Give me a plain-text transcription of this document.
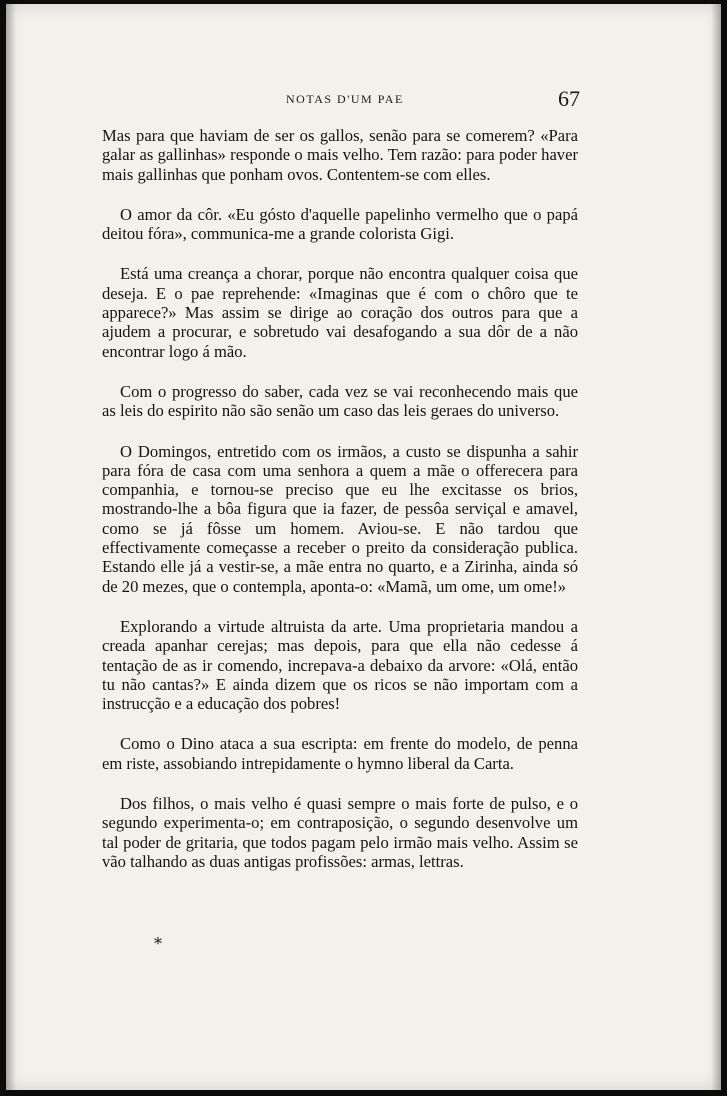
NOTAS D'UM PAE	67

Mas para que haviam de ser os gallos, senão para se comerem? «Para galar as gallinhas» responde o mais velho. Tem razão: para poder haver mais gallinhas que ponham ovos. Contentem-se com elles.

O amor da côr. «Eu gósto d'aquelle papelinho vermelho que o papá deitou fóra», communica-me a grande colorista Gigi.

Está uma creança a chorar, porque não encontra qualquer coisa que deseja. E o pae reprehende: «Imaginas que é com o chôro que te apparece?» Mas assim se dirige ao coração dos outros para que a ajudem a procurar, e sobretudo vai desafogando a sua dôr de a não encontrar logo á mão.

Com o progresso do saber, cada vez se vai reconhecendo mais que as leis do espirito não são senão um caso das leis geraes do universo.

O Domingos, entretido com os irmãos, a custo se dispunha a sahir para fóra de casa com uma senhora a quem a mãe o offerecera para companhia, e tornou-se preciso que eu lhe excitasse os brios, mostrando-lhe a bôa figura que ia fazer, de pessôa serviçal e amavel, como se já fôsse um homem. Aviou-se. E não tardou que effectivamente começasse a receber o preito da consideração publica. Estando elle já a vestir-se, a mãe entra no quarto, e a Zirinha, ainda só de 20 mezes, que o contempla, aponta-o: «Mamã, um ome, um ome!»

Explorando a virtude altruista da arte. Uma proprietaria mandou a creada apanhar cerejas; mas depois, para que ella não cedesse á tentação de as ir comendo, increpava-a debaixo da arvore: «Olá, então tu não cantas?» E ainda dizem que os ricos se não importam com a instrucção e a educação dos pobres!

Como o Dino ataca a sua escripta: em frente do modelo, de penna em riste, assobiando intrepidamente o hymno liberal da Carta.

Dos filhos, o mais velho é quasi sempre o mais forte de pulso, e o segundo experimenta-o; em contraposição, o segundo desenvolve um tal poder de gritaria, que todos pagam pelo irmão mais velho. Assim se vão talhando as duas antigas profissões: armas, lettras.

*
